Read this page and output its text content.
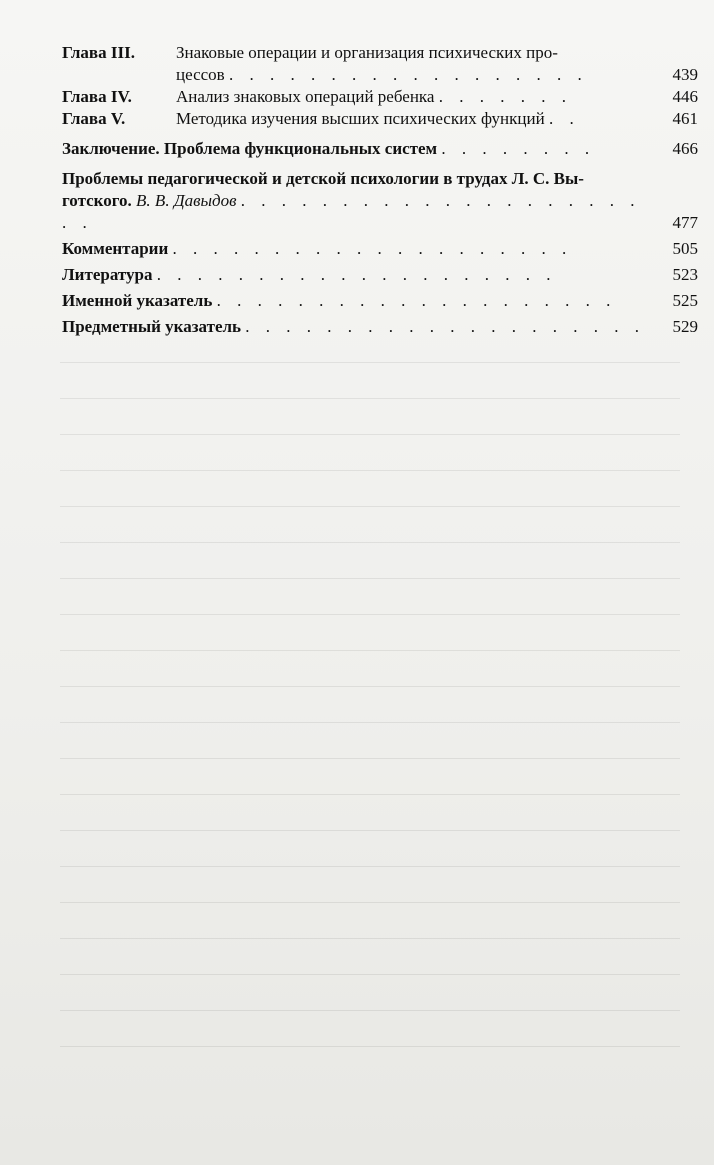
Глава III. Знаковые операции и организация психических про-
цессов . . . . . . . . . . . . . . . . . .	439
Глава IV.	Анализ знаковых операций ребенка . . . . . . .	446
Глава V.	Методика изучения высших психических функций . .	461
Заключение. Проблема функциональных систем . . . . . . . .	466
Проблемы педагогической и детской психологии в трудах Л. С. Вы-
готского. В. В. Давыдов . . . . . . . . . . . . . . . . . . . . . .	477
Комментарии . . . . . . . . . . . . . . . . . . . .	505
Литература . . . . . . . . . . . . . . . . . . . .	523
Именной указатель . . . . . . . . . . . . . . . . . . . .	525
Предметный указатель . . . . . . . . . . . . . . . . . . . .	529
